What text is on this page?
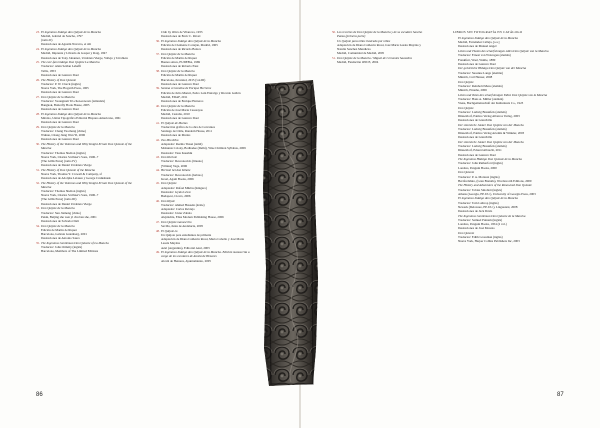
23. El ingenioso hidalgo don Quijote de la Mancha
Madrid, Gabriel de Sancha, 1797
(tomo II)
Ilustraciones de Agustín Navarro, et alii
24. El ingenioso hidalgo don Quijote de la Mancha
Madrid, Imprenta y Librería de Gaspar y Roig, 1847
Ilustraciones de Tony Johannot, Urrabieta Vierge, Vallejo y Urrabieta
25. The ever-fam hidalgo Don Quijote La Mancha
Traductor: Alain Seldan Leheffi
Tallis, 1853
Ilustraciones de Gustave Doré
26. The History of Don Quixote
Traductor: P. W. Clarck (inglés)
Nueva York, The Hogarth Press, 1905
Ilustraciones de Gustave Doré
27. Don Quijote de la Mancha
Traductor: Swangnam Tri-chon-naworn (tailandés)
Bangkok, Butterfly Book House, 2005
Ilustraciones de Gustave Doré
28. El ingenioso hidalgo don Quijote de la Mancha
Méxixo, Unión Tipográfica Editorial Hispano Americana, 1961
Ilustraciones de Gustave Doré
29. Don Quijote de la Mancha
Traductor: Chang Yaocheng (chino)
Wuhan, Chang Jiang Wen Yi, 2006
Ilustraciones de Gustave Doré
30. The History of the Valorous and Witty Knight-Errant Don Quixote of the Mancha
Traductor: Thomas Shelton (inglés)
Nueva York, Charles Scribner's Sons, 1906–7
[The Gillis Press] (tomo IV)
Ilustraciones de Daniel Urrabieta Vierge
31. The History of Don Quixote of the Mancha
Nueva York, Thomas Y. Crowell & Company, sf
Ilustraciones de Adolphe Lalauze y George Cruikshank
32. The History of the Valorous and Witty Knight-Errant Don Quixote of the Mancha
Traductor: Thomas Shelton (inglés)
Nueva York, Charles Scribner's Sons, 1906–7
[The Gillis Press] (tomo III)
Ilustraciones de Daniel Urrabieta Vierge
33. Don Quijote de la Mancha
Traductor: Sun Jiameng (chino)
Pekín, Beijing she wen yi chu ban she, 2001
Ilustraciones de Salvador Dalí
34. Don Quijote de la Mancha
Edición de Martín de Riquer
Barcelona, Galaxia Gutenberg, 2001
Ilustraciones de Antonio Saura
35. The Ingenious Gentleman Don Quixote of La Mancha
Traductor: John Ormsby (inglés)
Barcelona, Members of The Limited Editions
Club by Oliva de Vilanova, 1933
Ilustraciones de Enric C. Ricart
36. El ingenioso hidalgo don Quijote de la Mancha
Edición de Clemente Cortejón, Madrid, 1905
Ilustraciones de Ricardo Balaca
37. Don Quijote de la Mancha
Edición de Martín de Riquer
Buenos Aires, EUDEBA, 1969
Ilustraciones de Roberto Páez
38. Don Quijote de la Mancha
Edición de Martín de Riquer
Barcelona, Juventud, 2015 (vol.III)
Ilustraciones de Gustave Doré
39. Summa cervantina de Enrique Herreros
Edición de Julio Maruri, Pedro Lain Entralgo y Ricardo Gullón
Madrid, EDAF, 2011
Ilustraciones de Enrique Herreros
40. Don Quijote de la Mancha
Edición de José María Casasayas
Madrid, Castalia, 2010
Ilustraciones de Gustave Doré
41. El Quijote de Marías
Traducción gráfica de la obra de Cervantes
Santiago de Chile, Random House, 2011
Ilustraciones de Marías
42. Tuo Mio Kiho
Adaptador: Rezma Tiusei (tamil)
Mohunsn Colony, Bodhadee (Delhi), Wise Children Syllabus, 2009
Ilustrador: Vasu Kaushik
43. Don Kichote
Traductor: Desconocido (lituano)
[Vilnius] Vaga, 2006
44. Hertsoh het don Kihote
Traductor: Desconocido (hebreo)
Israel, Agam Books, 2006
45. Don Quijote
Adaptador: Rafael Miklós (húngaro)
Ilustrador: Gyula Lévai
Budapest, Ciceró, 2006
46. Don Kijote
Traductor: Ahmed Hussein (árabe)
Adaptador: Carlos Reviejo
Ilustrador: Javier Zabala
Alejándria, Elias Modern Publishing House, 2006
47. Don Quijote manuscrito
Sevilla, Junta de Andalucía, 2005
48. El Quijote-lo
Un Quijote para estudiantes de primaria
Adaptación de Diana Calderón Rossi, Marta Cabello y José María Lasala Mayáns
Azul (Argentina), Editorial Azul, 2003
49. El ingenioso hidalgo don Quijote de la Mancha. Edición manuscrita a cargo de los escolares de Alcalá de Henares
Alcalá de Henares, Ayuntamiento, 2005
50. Los recortes de Don Quijote de la Mancha y de su escudero Sancho Panza (primera parte)
Un Quijote para niños ilustrado por niños
Adaptación de Diana Calderón Rossi, José María Lasala Mayáns y Natalia Sanchez Mendizza
Madrid, Comunidad de Madrid, 2005
51. Don Quijote de la Mancha / Miguel de Cervantes Saavedra
Madrid, Fundación ONCE, 2004
LIBROS SIN FOTOGRAFÍA EN CATÁLOGO
El ingenioso hidalgo don Quijote de la Mancha
Madrid, Fernández Calleja, [s.a.]
Ilustraciones de Manuel Angel
Leben und Thaten des scharfsinnigen edlen Don Quijote von la Mancha
Traductor: Ernest von Wolzogen (alemán)
Frankfurt, Waal, Wuhle, 1880
Ilustraciones de Gustave Doré
Der geistreiche Hidalgo Don Quijote von der Mancha
Traductor: Susanne Lange (alemán)
Múnich, Carl Hanser, 2008
Don Quijote
Traductor: Reinhold Mess (alemán)
Múnich, Piranha, 2006
Leben und Taten des scharfsinnigen Edlen Don Quijote von la Mancha
Traductor: Hans A. Müller (alemán)
Viena, Buchgemeinschaft der Kulturkreis Co., 1923
Don Quijote
Traductor: Ludwig Braunfels (alemán)
Düsseldorf, Patmos Verlag Albatros Verlag, 2003
Ilustraciones de Grandville
Der sinnreiche Junker Don Quijote von der Mancha
Traductor: Ludwig Braunfels (alemán)
Düsseldorf, Patmos Verlag Artemis & Winkler, 2003
Ilustraciones de Grandville
Der sinnreiche Junker Don Quijote von der Mancha
Traductor: Ludwig Braunfels (alemán)
Düsseldorf, Eduard Albrecht, 2011
Ilustraciones de Gustave Doré
The Ingenious Hidalgo Don Quixote de la Mancha
Traductor: John Rutherford (inglés)
Londres, Penguin Books, 2000
Don Quixote
Traductor: P. A. Motteux (inglés)
Hertfordshire, (Gran Bretaña), Wordsworth Editions, 2000
The History and Adventures of the Renowned Don Quixote
Traductor: Tobias Smollett (inglés)
Athens (Georgia, EE.UU.), University of Georgia Press, 2003
El ingenioso hidalgo don Quijote de la Mancha
Traductor: Tom Lathrop (inglés)
Newark (Delaware, EE.UU.), Linguatext, 2008
Ilustraciones de Jack Davis
The Ingenious Gentleman Don Quixote de la Mancha
Traductor: Samuel Putnam (inglés)
Londres, Penguin Books, 1954 (2 vol.)
Ilustraciones de José Moreno
Don Quixote
Traductor: Edith Grossman (inglés)
Nueva York, Harper Collins Publishers Inc, 2003
86	87
